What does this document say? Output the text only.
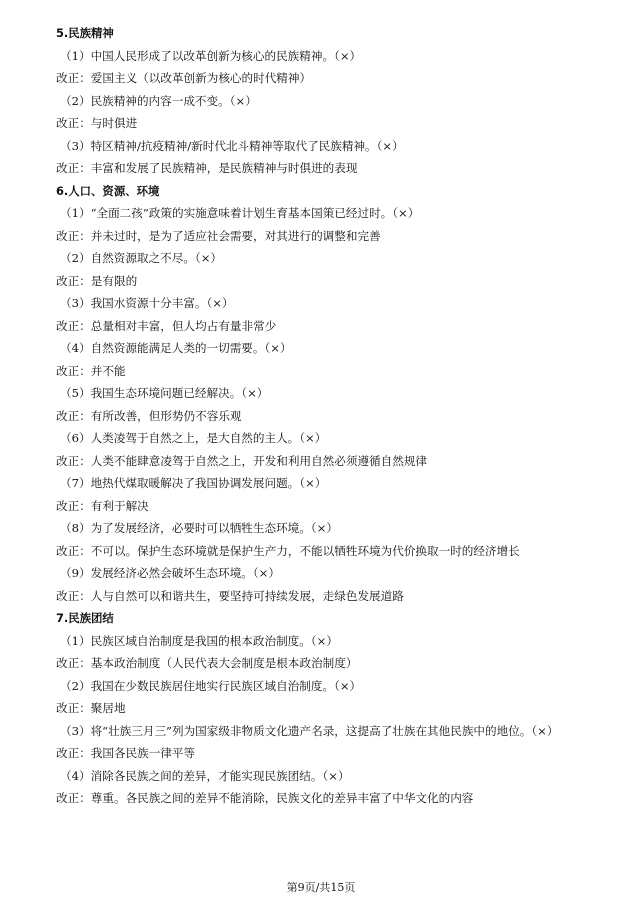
5.民族精神
（1）中国人民形成了以改革创新为核心的民族精神。（×）
改正：爱国主义（以改革创新为核心的时代精神）
（2）民族精神的内容一成不变。（×）
改正：与时俱进
（3）特区精神/抗疫精神/新时代北斗精神等取代了民族精神。（×）
改正：丰富和发展了民族精神，是民族精神与时俱进的表现
6.人口、资源、环境
（1）“全面二孩”政策的实施意味着计划生育基本国策已经过时。（×）
改正：并未过时，是为了适应社会需要，对其进行的调整和完善
（2）自然资源取之不尽。（×）
改正：是有限的
（3）我国水资源十分丰富。（×）
改正：总量相对丰富，但人均占有量非常少
（4）自然资源能满足人类的一切需要。（×）
改正：并不能
（5）我国生态环境问题已经解决。（×）
改正：有所改善，但形势仍不容乐观
（6）人类凌驾于自然之上，是大自然的主人。（×）
改正：人类不能肆意凌驾于自然之上，开发和利用自然必须遵循自然规律
（7）地热代煤取暖解决了我国协调发展问题。（×）
改正：有利于解决
（8）为了发展经济，必要时可以牺牲生态环境。（×）
改正：不可以。保护生态环境就是保护生产力，不能以牺牲环境为代价换取一时的经济增长
（9）发展经济必然会破坏生态环境。（×）
改正：人与自然可以和谐共生，要坚持可持续发展，走绿色发展道路
7.民族团结
（1）民族区域自治制度是我国的根本政治制度。（×）
改正：基本政治制度（人民代表大会制度是根本政治制度）
（2）我国在少数民族居住地实行民族区域自治制度。（×）
改正：聚居地
（3）将“壮族三月三”列为国家级非物质文化遗产名录，这提高了壮族在其他民族中的地位。（×）
改正：我国各民族一律平等
（4）消除各民族之间的差异，才能实现民族团结。（×）
改正：尊重。各民族之间的差异不能消除，民族文化的差异丰富了中华文化的内容
第9页/共15页
